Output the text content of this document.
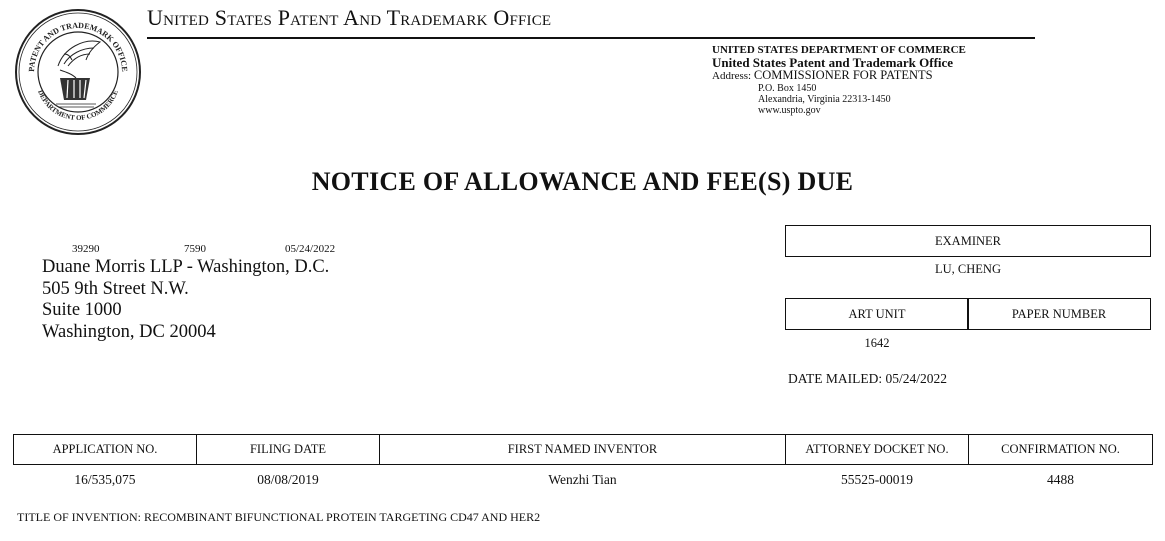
PATENT AND TRADEMARK OFFICE
DEPARTMENT OF COMMERCE
United States Patent And Trademark Office
UNITED STATES DEPARTMENT OF COMMERCE
United States Patent and Trademark Office
Address: COMMISSIONER FOR PATENTS
P.O. Box 1450
Alexandria, Virginia 22313-1450
www.uspto.gov
NOTICE OF ALLOWANCE AND FEE(S) DUE
39290	7590	05/24/2022
Duane Morris LLP - Washington, D.C.
505 9th Street N.W.
Suite 1000
Washington, DC 20004
EXAMINER
LU, CHENG
ART UNIT	PAPER NUMBER
1642
DATE MAILED: 05/24/2022
APPLICATION NO.	FILING DATE	FIRST NAMED INVENTOR	ATTORNEY DOCKET NO.	CONFIRMATION NO.
16/535,075	08/08/2019	Wenzhi Tian	55525-00019	4488
TITLE OF INVENTION: RECOMBINANT BIFUNCTIONAL PROTEIN TARGETING CD47 AND HER2
